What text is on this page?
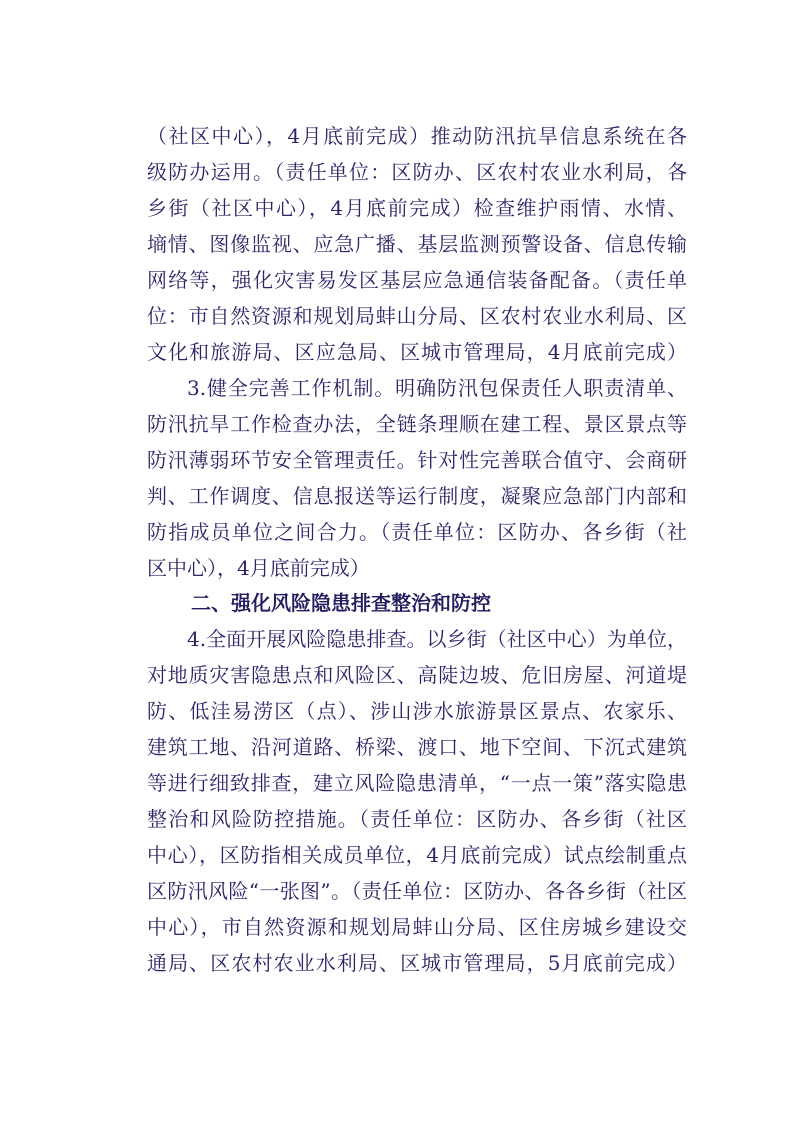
（社区中心），4月底前完成）推动防汛抗旱信息系统在各
级防办运用。（责任单位：区防办、区农村农业水利局，各
乡街（社区中心），4月底前完成）检查维护雨情、水情、
墒情、图像监视、应急广播、基层监测预警设备、信息传输
网络等，强化灾害易发区基层应急通信装备配备。（责任单
位：市自然资源和规划局蚌山分局、区农村农业水利局、区
文化和旅游局、区应急局、区城市管理局，4月底前完成）
3.健全完善工作机制。明确防汛包保责任人职责清单、
防汛抗旱工作检查办法，全链条理顺在建工程、景区景点等
防汛薄弱环节安全管理责任。针对性完善联合值守、会商研
判、工作调度、信息报送等运行制度，凝聚应急部门内部和
防指成员单位之间合力。（责任单位：区防办、各乡街（社
区中心），4月底前完成）
二、强化风险隐患排查整治和防控
4.全面开展风险隐患排查。以乡街（社区中心）为单位，
对地质灾害隐患点和风险区、高陡边坡、危旧房屋、河道堤
防、低洼易涝区（点）、涉山涉水旅游景区景点、农家乐、
建筑工地、沿河道路、桥梁、渡口、地下空间、下沉式建筑
等进行细致排查，建立风险隐患清单，“一点一策”落实隐患
整治和风险防控措施。（责任单位：区防办、各乡街（社区
中心），区防指相关成员单位，4月底前完成）试点绘制重点
区防汛风险“一张图”。（责任单位：区防办、各各乡街（社区
中心），市自然资源和规划局蚌山分局、区住房城乡建设交
通局、区农村农业水利局、区城市管理局，5月底前完成）
